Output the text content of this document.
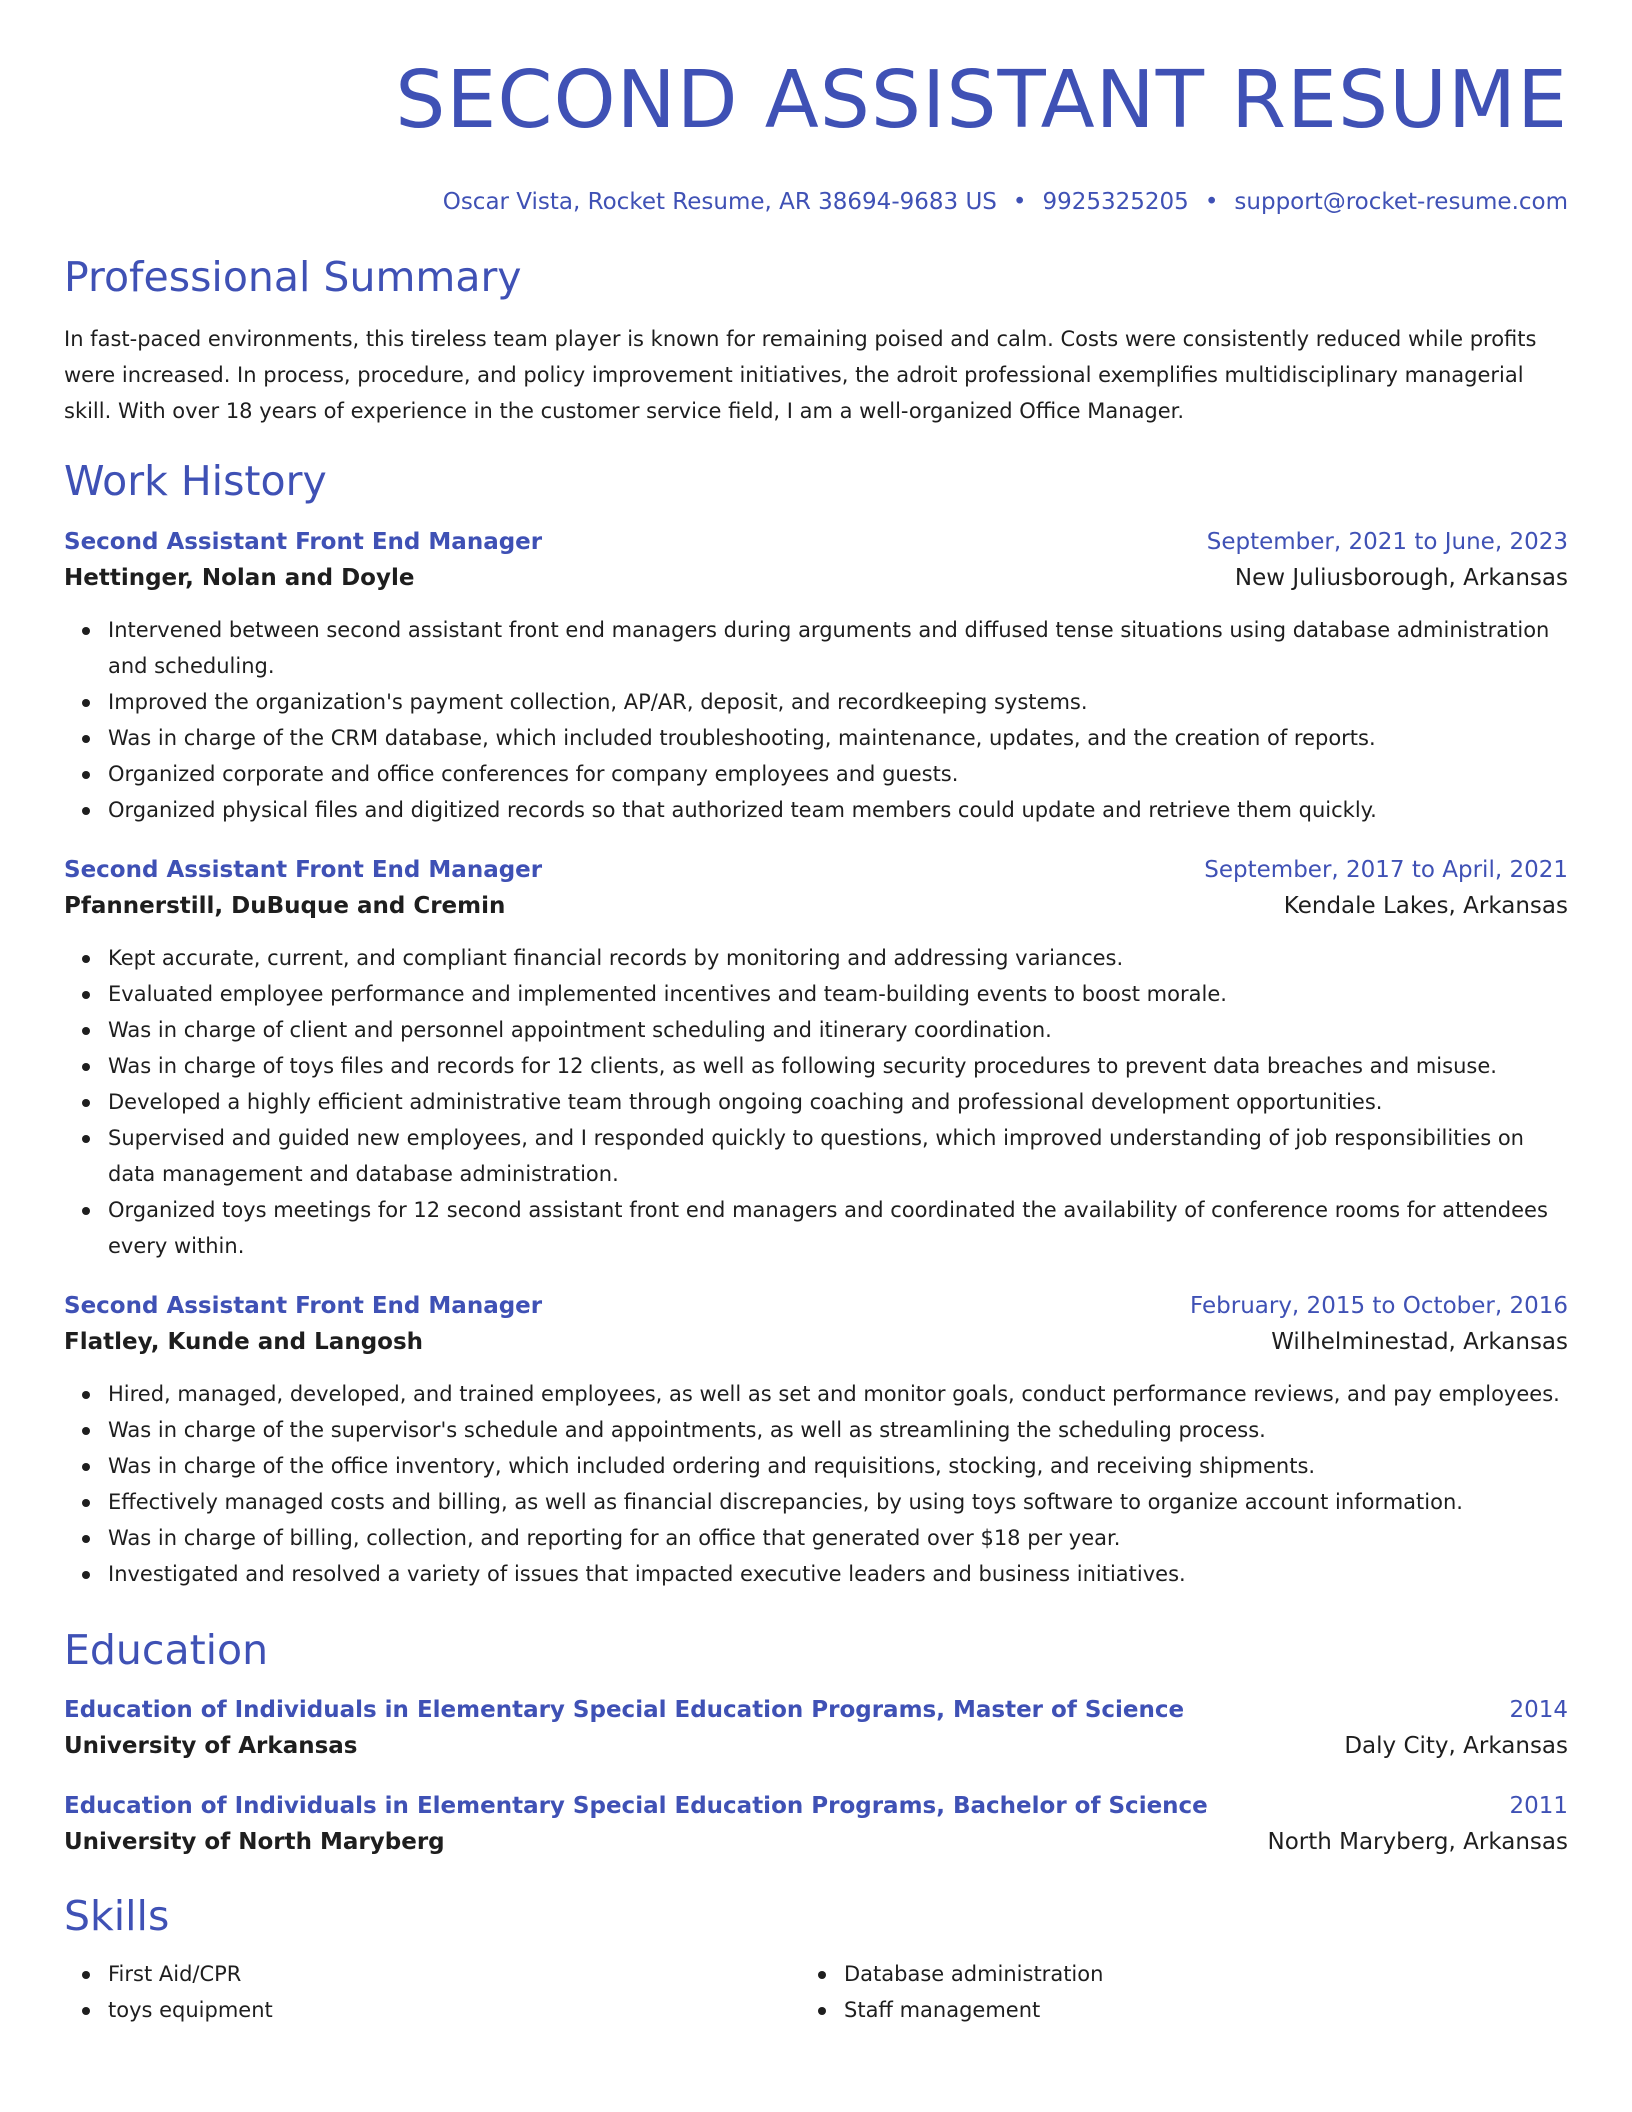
SECOND ASSISTANT RESUME
Oscar Vista, Rocket Resume, AR 38694-9683 US • 9925325205 • support@rocket-resume.com
Professional Summary
In fast-paced environments, this tireless team player is known for remaining poised and calm. Costs were consistently reduced while profits were increased. In process, procedure, and policy improvement initiatives, the adroit professional exemplifies multidisciplinary managerial skill. With over 18 years of experience in the customer service field, I am a well-organized Office Manager.
Work History
Second Assistant Front End Manager	September, 2021 to June, 2023
Hettinger, Nolan and Doyle	New Juliusborough, Arkansas
Intervened between second assistant front end managers during arguments and diffused tense situations using database administration and scheduling.
Improved the organization's payment collection, AP/AR, deposit, and recordkeeping systems.
Was in charge of the CRM database, which included troubleshooting, maintenance, updates, and the creation of reports.
Organized corporate and office conferences for company employees and guests.
Organized physical files and digitized records so that authorized team members could update and retrieve them quickly.
Second Assistant Front End Manager	September, 2017 to April, 2021
Pfannerstill, DuBuque and Cremin	Kendale Lakes, Arkansas
Kept accurate, current, and compliant financial records by monitoring and addressing variances.
Evaluated employee performance and implemented incentives and team-building events to boost morale.
Was in charge of client and personnel appointment scheduling and itinerary coordination.
Was in charge of toys files and records for 12 clients, as well as following security procedures to prevent data breaches and misuse.
Developed a highly efficient administrative team through ongoing coaching and professional development opportunities.
Supervised and guided new employees, and I responded quickly to questions, which improved understanding of job responsibilities on data management and database administration.
Organized toys meetings for 12 second assistant front end managers and coordinated the availability of conference rooms for attendees every within.
Second Assistant Front End Manager	February, 2015 to October, 2016
Flatley, Kunde and Langosh	Wilhelminestad, Arkansas
Hired, managed, developed, and trained employees, as well as set and monitor goals, conduct performance reviews, and pay employees.
Was in charge of the supervisor's schedule and appointments, as well as streamlining the scheduling process.
Was in charge of the office inventory, which included ordering and requisitions, stocking, and receiving shipments.
Effectively managed costs and billing, as well as financial discrepancies, by using toys software to organize account information.
Was in charge of billing, collection, and reporting for an office that generated over $18 per year.
Investigated and resolved a variety of issues that impacted executive leaders and business initiatives.
Education
Education of Individuals in Elementary Special Education Programs, Master of Science	2014
University of Arkansas	Daly City, Arkansas
Education of Individuals in Elementary Special Education Programs, Bachelor of Science	2011
University of North Maryberg	North Maryberg, Arkansas
Skills
First Aid/CPR
toys equipment
Database administration
Staff management
